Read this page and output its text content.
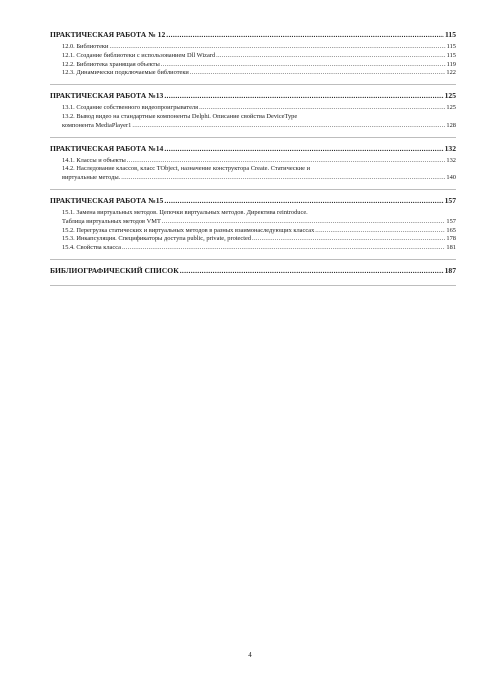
ПРАКТИЧЕСКАЯ РАБОТА № 12 .....	115
12.0. Библиотеки .....	115
12.1. Создание библиотеки с использованием Dll Wizard .....	115
12.2. Библиотека хранящая объекты .....	119
12.3. Динамически подключаемые библиотеки .....	122
ПРАКТИЧЕСКАЯ РАБОТА №13 .....	125
13.1. Создание собственного видеопроигрывателя .....	125
13.2. Вывод видео на стандартные компоненты Delphi. Описание свойства DeviceType
компонента MediaPlayer1 .....	128
ПРАКТИЧЕСКАЯ РАБОТА №14 .....	132
14.1. Классы и объекты .....	132
14.2. Наследование классов, класс TObject, назначение конструктора Create. Статические и
виртуальные методы. .....	140
ПРАКТИЧЕСКАЯ РАБОТА №15 .....	157
15.1. Замена виртуальных методов. Цепочки виртуальных методов. Директива reintroduce.
Таблица виртуальных методов VMT .....	157
15.2. Перегрузка статических и виртуальных методов в разных взаимонаследующих классах .....	165
15.3. Инкапсуляция. Спецификаторы доступа public, private, protected .....	178
15.4. Свойства класса .....	181
БИБЛИОГРАФИЧЕСКИЙ СПИСОК .....	187
4
